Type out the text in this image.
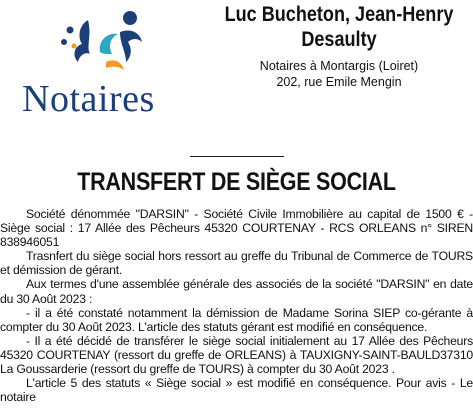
Notaires
Luc Bucheton, Jean-Henry
Desaulty
Notaires à Montargis (Loiret)
202, rue Emile Mengin
TRANSFERT DE SIÈGE SOCIAL

Société dénommée "DARSIN" - Société Civile Immobilière au capital de 1500 € - Siège social : 17 Allée des Pêcheurs 45320 COURTENAY - RCS ORLEANS n° SIREN 838946051

Trasnfert du siège social hors ressort au greffe du Tribunal de Commerce de TOURS et démission de gérant.

Aux termes d'une assemblée générale des associés de la société "DARSIN" en date du 30 Août 2023 :

- il a été constaté notamment la démission de Madame Sorina SIEP co-gérante à compter du 30 Août 2023. L'article des statuts gérant est modifié en conséquence.

- Il a été décidé de transférer le siège social initialement au 17 Allée des Pêcheurs 45320 COURTENAY (ressort du greffe de ORLEANS) à TAUXIGNY-SAINT-BAULD37310 La Goussarderie (ressort du greffe de TOURS) à compter du 30 Août 2023 .

L'article 5 des statuts « Siège social » est modifié en conséquence. Pour avis - Le notaire
